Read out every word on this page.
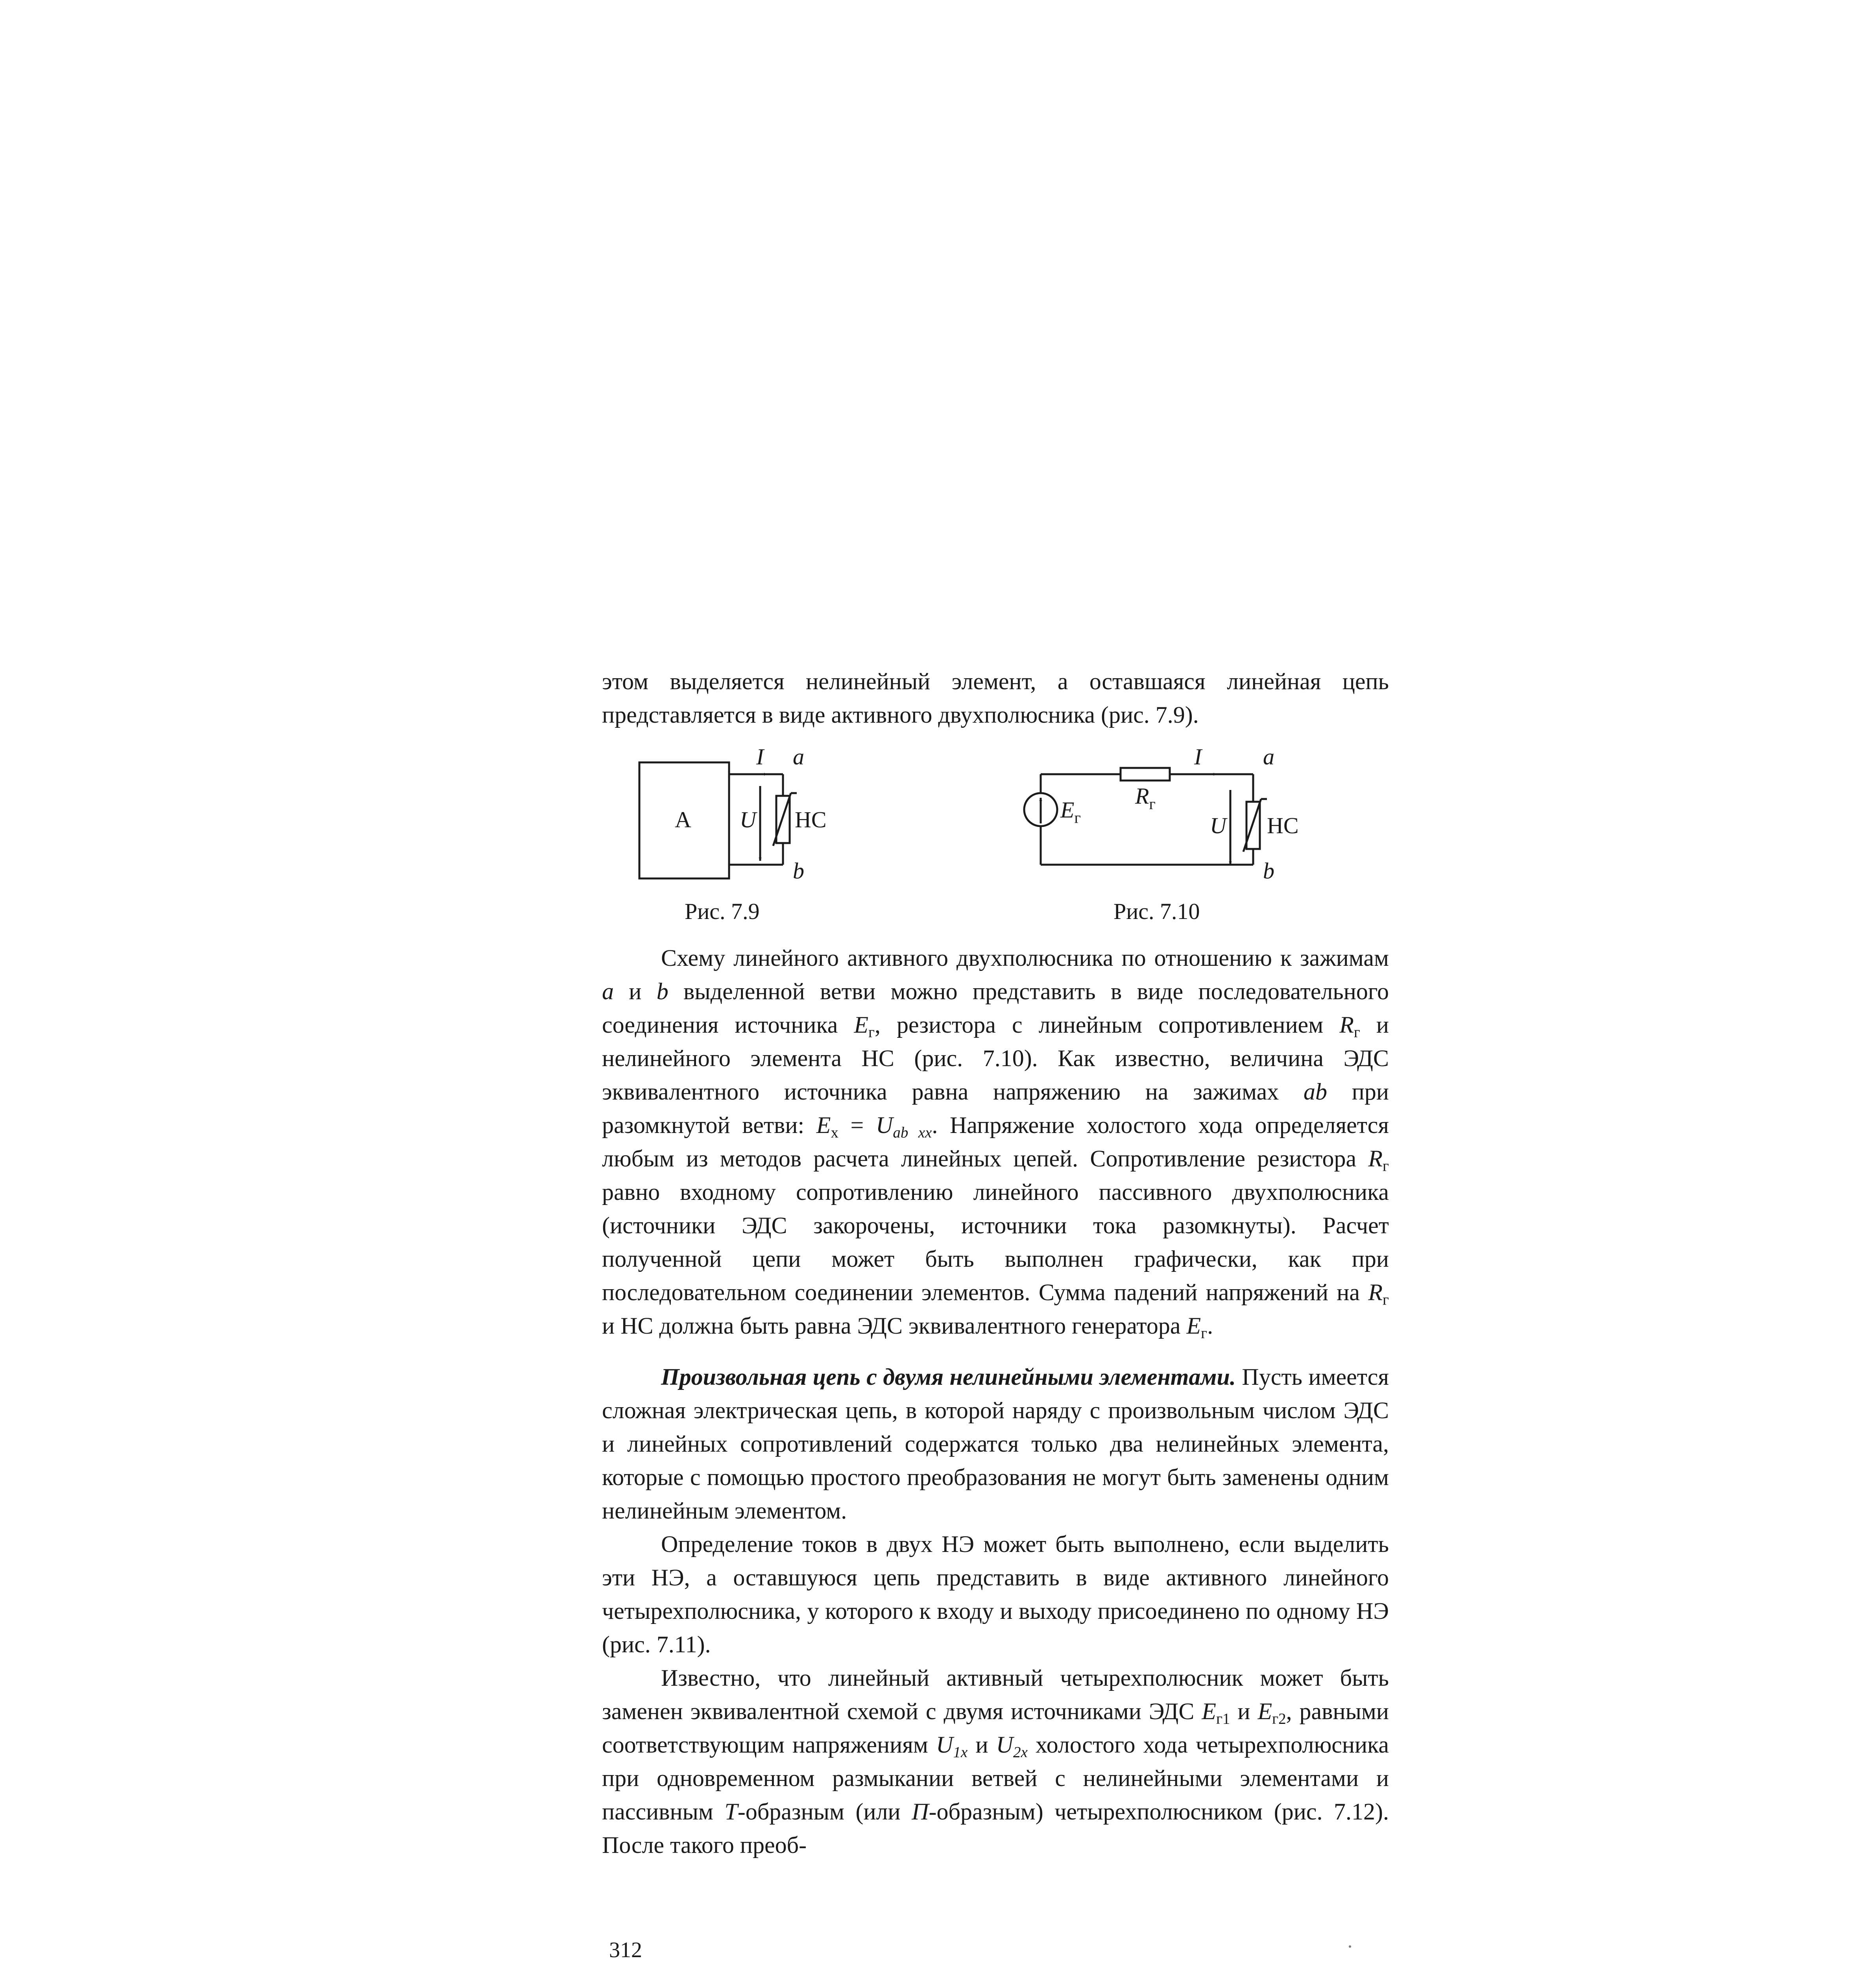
этом выделяется нелинейный элемент, а оставшаяся линейная цепь представляется в виде активного двухполюсника (рис. 7.9).

А
I
U
a
b
НС
I
$R_г$
$E_г$	U НС
a
b
Рис. 7.9	Рис. 7.10

Схему линейного активного двухполюсника по отношению к зажимам a и b выделенной ветви можно представить в виде последовательного соединения источника $E_г$, резистора с линейным сопротивлением $R_г$ и нелинейного элемента НС (рис. 7.10). Как известно, величина ЭДС эквивалентного источника равна напряжению на зажимах ab при разомкнутой ветви: $E_x = U_{ab xx}$. Напряжение холостого хода определяется любым из методов расчета линейных цепей. Сопротивление резистора $R_г$ равно входному сопротивлению линейного пассивного двухполюсника (источники ЭДС закорочены, источники тока разомкнуты). Расчет полученной цепи может быть выполнен графически, как при последовательном соединении элементов. Сумма падений напряжений на $R_г$ и НС должна быть равна ЭДС эквивалентного генератора $E_г$.

Произвольная цепь с двумя нелинейными элементами. Пусть имеется сложная электрическая цепь, в которой наряду с произвольным числом ЭДС и линейных сопротивлений содержатся только два нелинейных элемента, которые с помощью простого преобразования не могут быть заменены одним нелинейным элементом.

Определение токов в двух НЭ может быть выполнено, если выделить эти НЭ, а оставшуюся цепь представить в виде активного линейного четырехполюсника, у которого к входу и выходу присоединено по одному НЭ (рис. 7.11).

Известно, что линейный активный четырехполюсник может быть заменен эквивалентной схемой с двумя источниками ЭДС $E_{г1}$ и $E_{г2}$, равными соответствующим напряжениям $U_{1x}$ и $U_{2x}$ холостого хода четырехполюсника при одновременном размыкании ветвей с нелинейными элементами и пассивным T-образным (или П-образным) четырехполюсником (рис. 7.12). После такого преоб-

312
